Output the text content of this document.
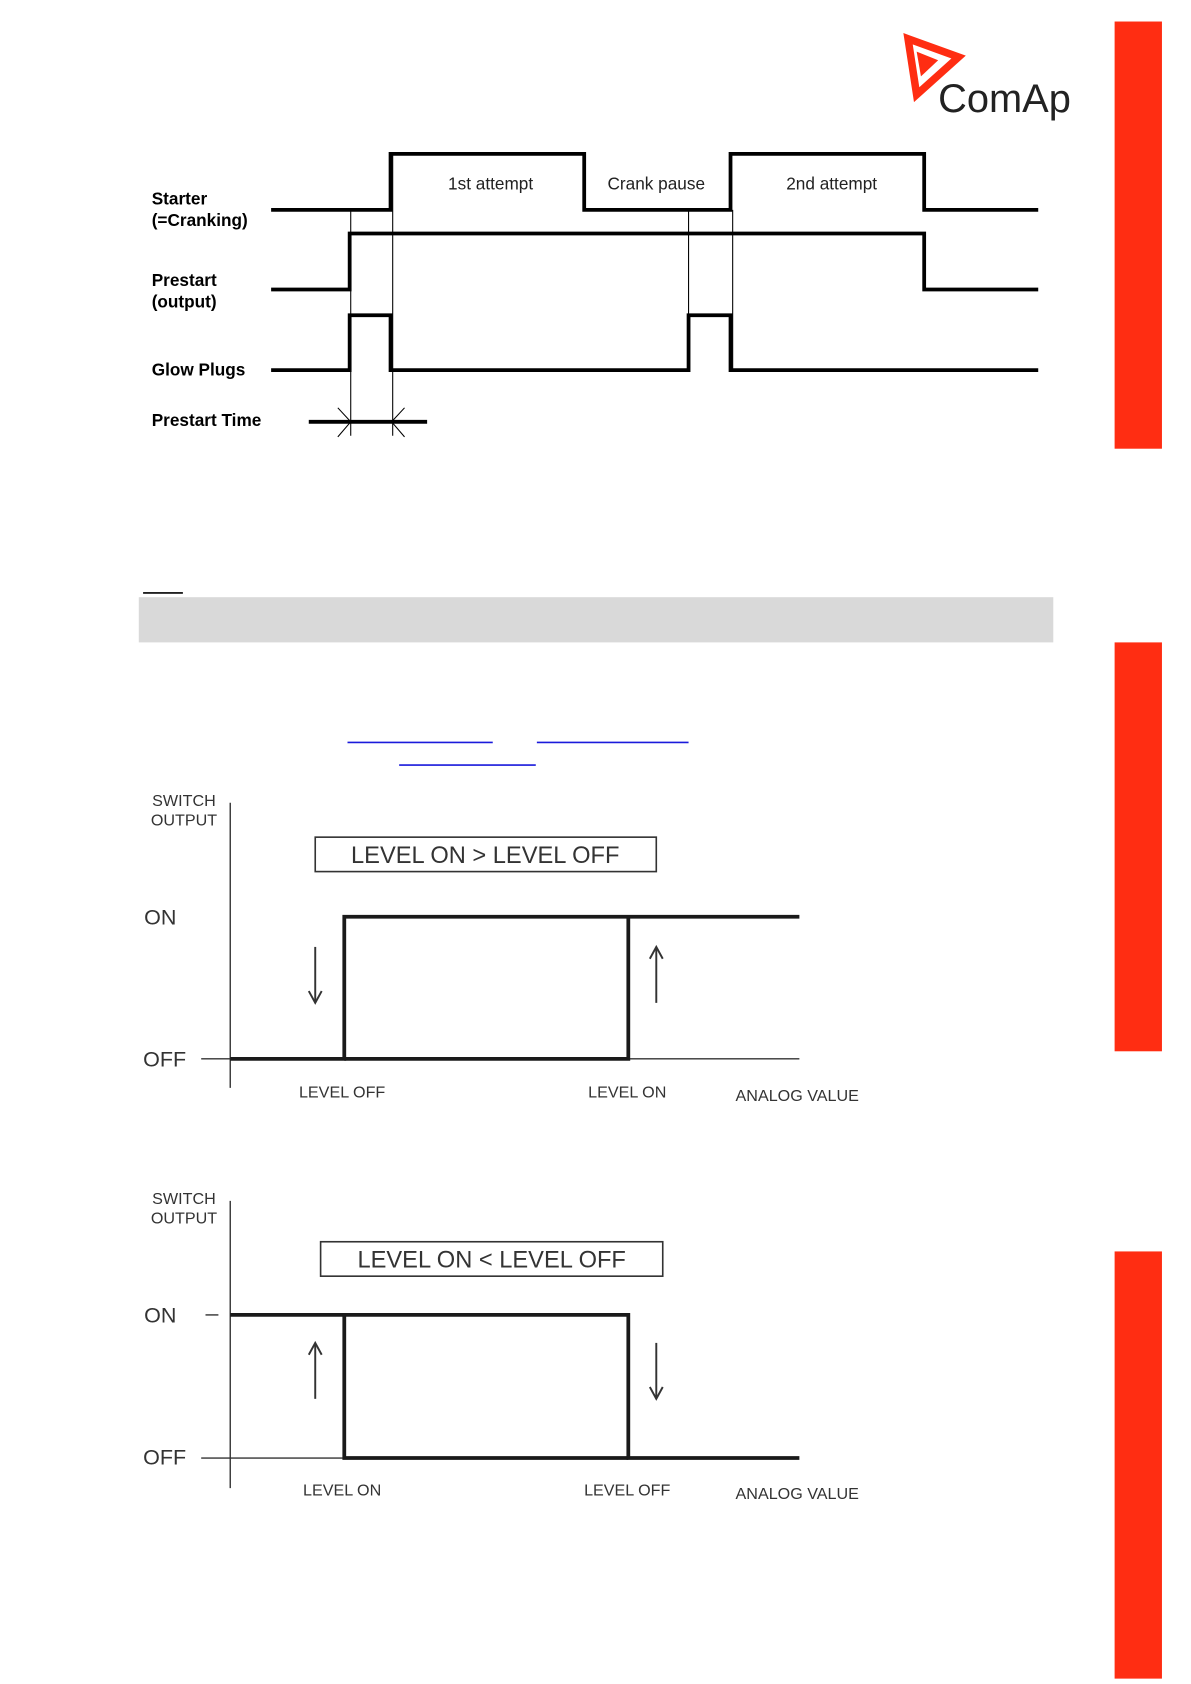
ComAp
Starter
(=Cranking)
Prestart
(output)
Glow Plugs
Prestart Time
1st attempt	Crank pause	2nd attempt
SWITCH
OUTPUT
LEVEL ON > LEVEL OFF
ON
OFF
LEVEL OFF	LEVEL ON	ANALOG VALUE
SWITCH
OUTPUT
LEVEL ON < LEVEL OFF
ON
OFF
LEVEL ON	LEVEL OFF	ANALOG VALUE
